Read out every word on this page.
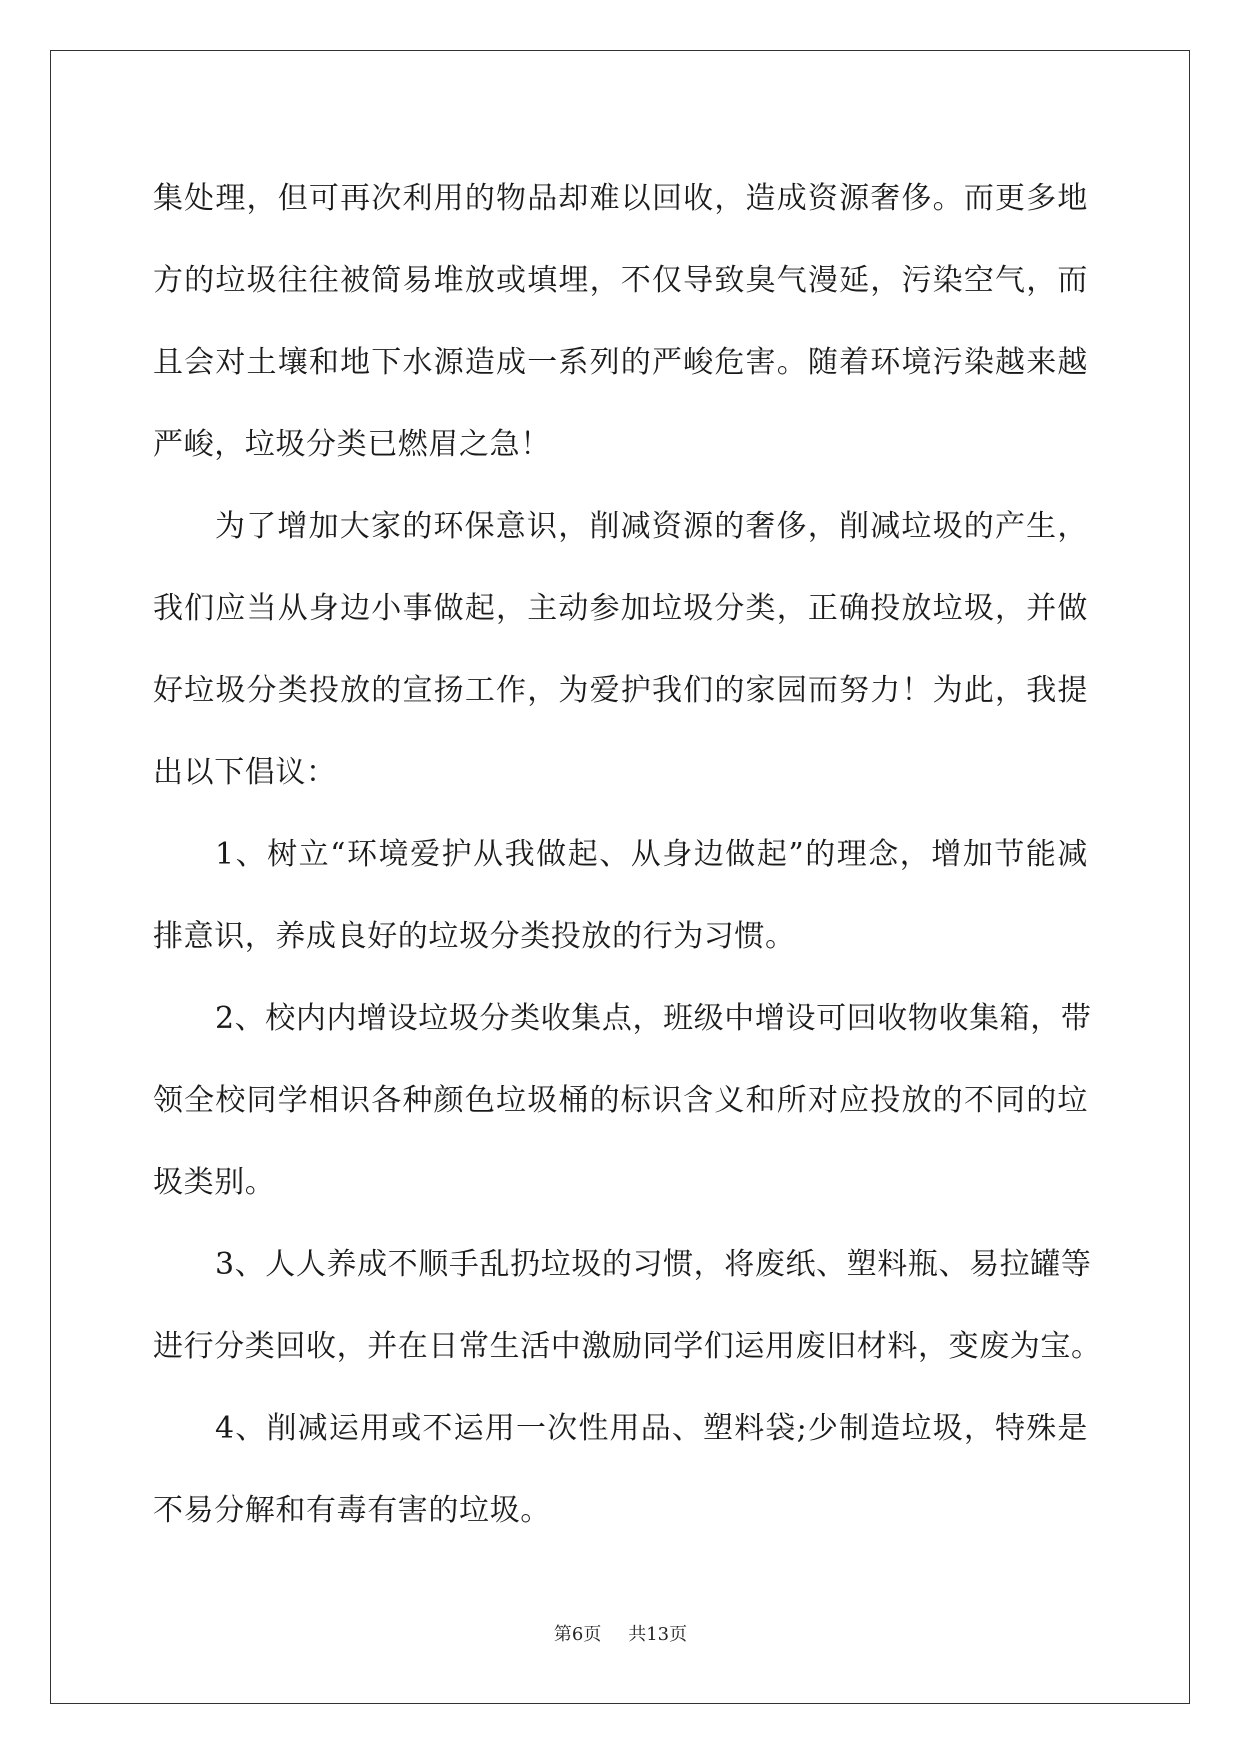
集处理，但可再次利用的物品却难以回收，造成资源奢侈。而更多地
方的垃圾往往被简易堆放或填埋，不仅导致臭气漫延，污染空气，而
且会对土壤和地下水源造成一系列的严峻危害。随着环境污染越来越
严峻，垃圾分类已燃眉之急！
为了增加大家的环保意识，削减资源的奢侈，削减垃圾的产生，
我们应当从身边小事做起，主动参加垃圾分类，正确投放垃圾，并做
好垃圾分类投放的宣扬工作，为爱护我们的家园而努力！为此，我提
出以下倡议：
1、树立“环境爱护从我做起、从身边做起”的理念，增加节能减
排意识，养成良好的垃圾分类投放的行为习惯。
2、校内内增设垃圾分类收集点，班级中增设可回收物收集箱，带
领全校同学相识各种颜色垃圾桶的标识含义和所对应投放的不同的垃
圾类别。
3、人人养成不顺手乱扔垃圾的习惯，将废纸、塑料瓶、易拉罐等
进行分类回收，并在日常生活中激励同学们运用废旧材料，变废为宝。
4、削减运用或不运用一次性用品、塑料袋;少制造垃圾，特殊是
不易分解和有毒有害的垃圾。
第6页 共13页
